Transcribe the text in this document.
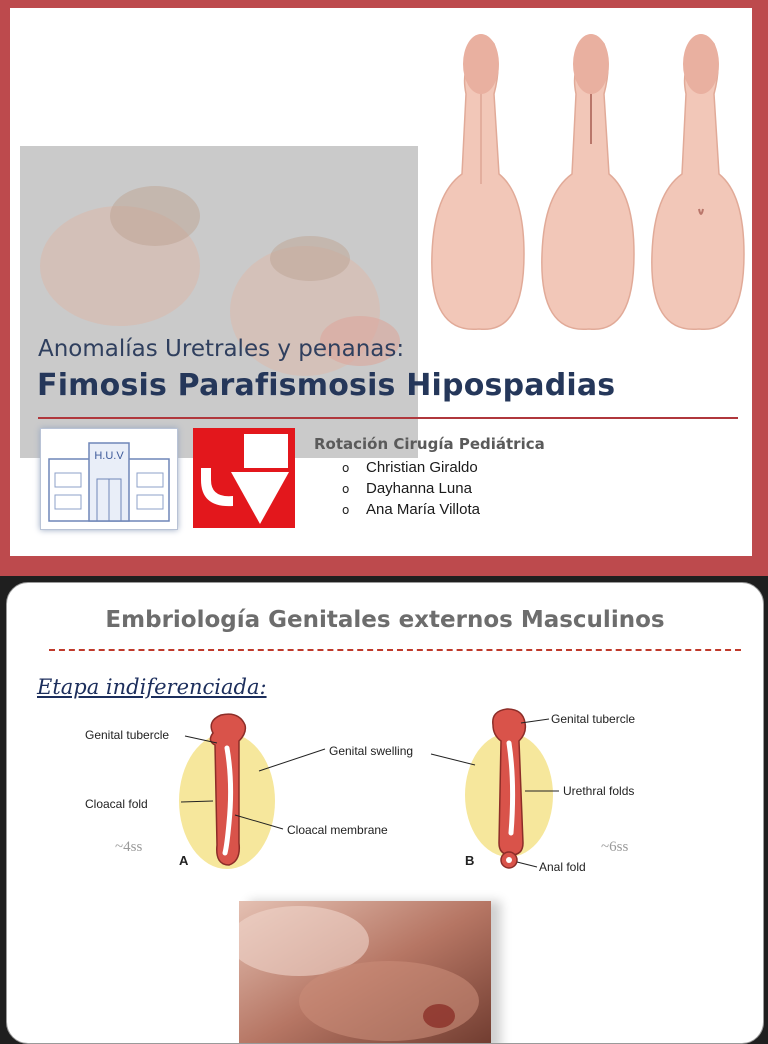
Anomalías Uretrales y penanas:
Fimosis Parafismosis Hipospadias
H.U.V
Rotación Cirugía Pediátrica
o	Christian Giraldo
o	Dayhanna Luna
o	Ana María Villota
Embriología Genitales externos Masculinos
Etapa indiferenciada:
Genital tubercle
Genital swelling
Cloacal fold
Cloacal membrane
~4ss
A
Genital tubercle
Urethral folds
Anal fold
~6ss
B
